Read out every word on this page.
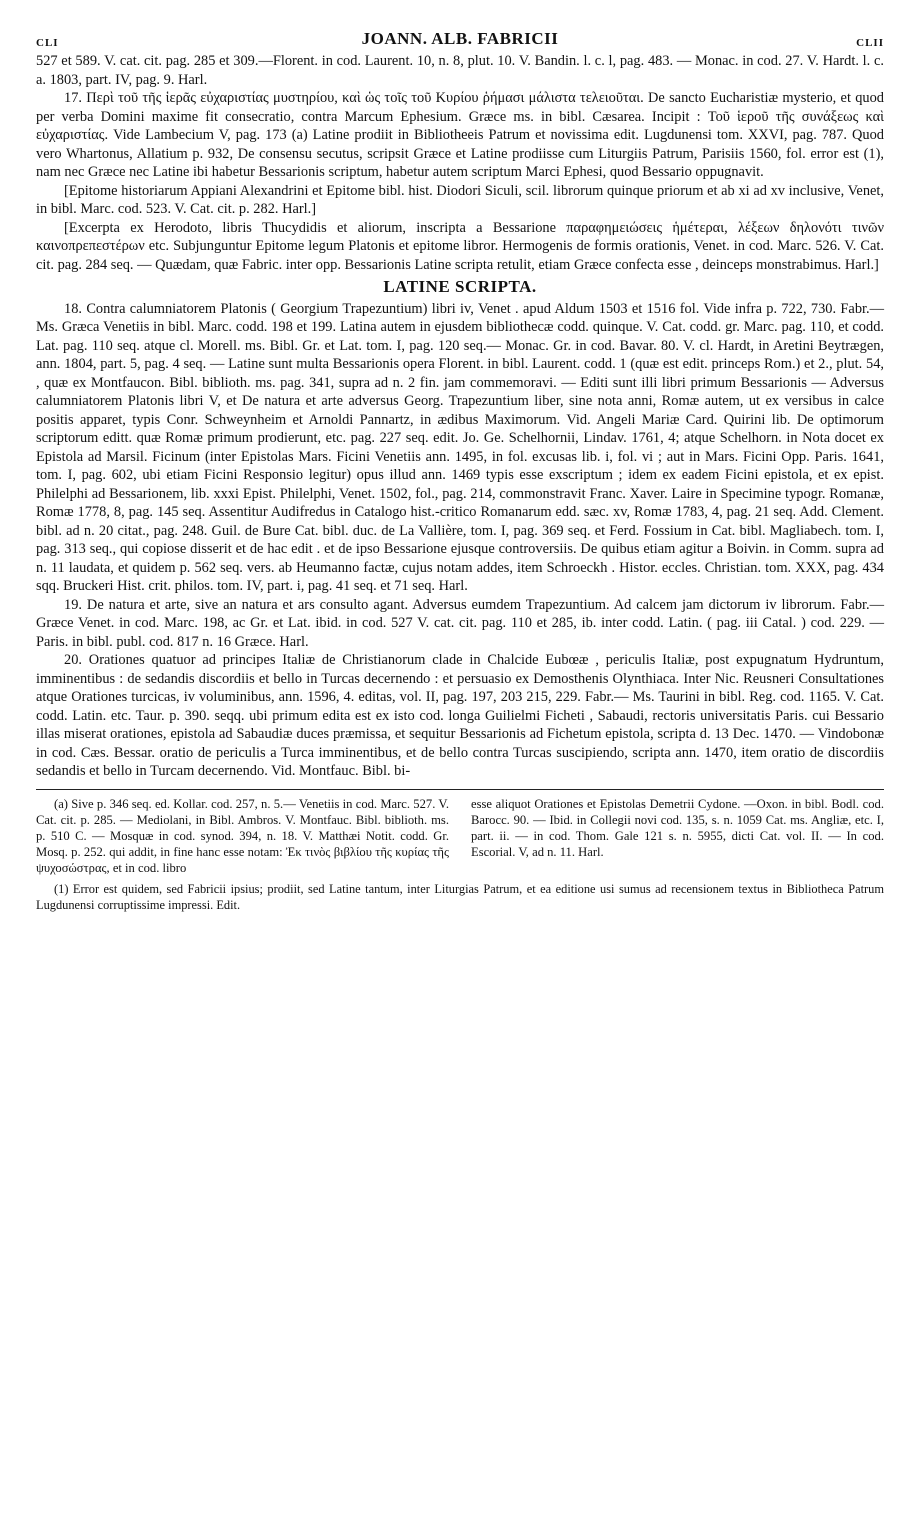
CLI	JOANN. ALB. FABRICII	CLII

527 et 589. V. cat. cit. pag. 285 et 309.—Florent. in cod. Laurent. 10, n. 8, plut. 10. V. Bandin. l. c. l, pag. 483. — Monac. in cod. 27. V. Hardt. l. c. a. 1803, part. IV, pag. 9. Harl.

17. Περὶ τοῦ τῆς ἱερᾶς εὐχαριστίας μυστηρίου, καὶ ὡς τοῖς τοῦ Κυρίου ῥήμασι μάλιστα τελειοῦται. De sancto Eucharistiæ mysterio, et quod per verba Domini maxime fit consecratio, contra Marcum Ephesium. Græce ms. in bibl. Cæsarea. Incipit : Τοῦ ἱεροῦ τῆς συνάξεως καὶ εὐχαριστίας. Vide Lambecium V, pag. 173 (a) Latine prodiit in Bibliotheeis Patrum et novissima edit. Lugdunensi tom. XXVI, pag. 787. Quod vero Whartonus, Allatium p. 932, De consensu secutus, scripsit Græce et Latine prodiisse cum Liturgiis Patrum, Parisiis 1560, fol. error est (1), nam nec Græce nec Latine ibi habetur Bessarionis scriptum, habetur autem scriptum Marci Ephesi, quod Bessario oppugnavit.

[Epitome historiarum Appiani Alexandrini et Epitome bibl. hist. Diodori Siculi, scil. librorum quinque priorum et ab xi ad xv inclusive, Venet, in bibl. Marc. cod. 523. V. Cat. cit. p. 282. Harl.]

[Excerpta ex Herodoto, libris Thucydidis et aliorum, inscripta a Bessarione παραφημειώσεις ἡμέτεραι, λέξεων δηλονότι τινῶν καινοπρεπεστέρων etc. Subjunguntur Epitome legum Platonis et epitome libror. Hermogenis de formis orationis, Venet. in cod. Marc. 526. V. Cat. cit. pag. 284 seq. — Quædam, quæ Fabric. inter opp. Bessarionis Latine scripta retulit, etiam Græce confecta esse , deinceps monstrabimus. Harl.]

LATINE SCRIPTA.

18. Contra calumniatorem Platonis ( Georgium Trapezuntium) libri iv, Venet . apud Aldum 1503 et 1516 fol. Vide infra p. 722, 730. Fabr.— Ms. Græca Venetiis in bibl. Marc. codd. 198 et 199. Latina autem in ejusdem bibliothecæ codd. quinque. V. Cat. codd. gr. Marc. pag. 110, et codd. Lat. pag. 110 seq. atque cl. Morell. ms. Bibl. Gr. et Lat. tom. I, pag. 120 seq.— Monac. Gr. in cod. Bavar. 80. V. cl. Hardt, in Aretini Beytrægen, ann. 1804, part. 5, pag. 4 seq. — Latine sunt multa Bessarionis opera Florent. in bibl. Laurent. codd. 1 (quæ est edit. princeps Rom.) et 2., plut. 54, , quæ ex Montfaucon. Bibl. biblioth. ms. pag. 341, supra ad n. 2 fin. jam commemoravi. — Editi sunt illi libri primum Bessarionis — Adversus calumniatorem Platonis libri V, et De natura et arte adversus Georg. Trapezuntium liber, sine nota anni, Romæ autem, ut ex versibus in calce positis apparet, typis Conr. Schweynheim et Arnoldi Pannartz, in ædibus Maximorum. Vid. Angeli Mariæ Card. Quirini lib. De optimorum scriptorum editt. quæ Romæ primum prodierunt, etc. pag. 227 seq. edit. Jo. Ge. Schelhornii, Lindav. 1761, 4; atque Schelhorn. in Nota docet ex Epistola ad Marsil. Ficinum (inter Epistolas Mars. Ficini Venetiis ann. 1495, in fol. excusas lib. i, fol. vi ; aut in Mars. Ficini Opp. Paris. 1641, tom. I, pag. 602, ubi etiam Ficini Responsio legitur) opus illud ann. 1469 typis esse exscriptum ; idem ex eadem Ficini epistola, et ex epist. Philelphi ad Bessarionem, lib. xxxi Epist. Philelphi, Venet. 1502, fol., pag. 214, commonstravit Franc. Xaver. Laire in Specimine typogr. Romanæ, Romæ 1778, 8, pag. 145 seq. Assentitur Audifredus in Catalogo hist.-critico Romanarum edd. sæc. xv, Romæ 1783, 4, pag. 21 seq. Add. Clement. bibl. ad n. 20 citat., pag. 248. Guil. de Bure Cat. bibl. duc. de La Vallière, tom. I, pag. 369 seq. et Ferd. Fossium in Cat. bibl. Magliabech. tom. I, pag. 313 seq., qui copiose disserit et de hac edit . et de ipso Bessarione ejusque controversiis. De quibus etiam agitur a Boivin. in Comm. supra ad n. 11 laudata, et quidem p. 562 seq. vers. ab Heumanno factæ, cujus notam addes, item Schroeckh . Histor. eccles. Christian. tom. XXX, pag. 434 sqq. Bruckeri Hist. crit. philos. tom. IV, part. i, pag. 41 seq. et 71 seq. Harl.

19. De natura et arte, sive an natura et ars consulto agant. Adversus eumdem Trapezuntium. Ad calcem jam dictorum iv librorum. Fabr.— Græce Venet. in cod. Marc. 198, ac Gr. et Lat. ibid. in cod. 527 V. cat. cit. pag. 110 et 285, ib. inter codd. Latin. ( pag. iii Catal. ) cod. 229. — Paris. in bibl. publ. cod. 817 n. 16 Græce. Harl.

20. Orationes quatuor ad principes Italiæ de Christianorum clade in Chalcide Eubœæ , periculis Italiæ, post expugnatum Hydruntum, imminentibus : de sedandis discordiis et bello in Turcas decernendo : et persuasio ex Demosthenis Olynthiaca. Inter Nic. Reusneri Consultationes atque Orationes turcicas, iv voluminibus, ann. 1596, 4. editas, vol. II, pag. 197, 203 215, 229. Fabr.— Ms. Taurini in bibl. Reg. cod. 1165. V. Cat. codd. Latin. etc. Taur. p. 390. seqq. ubi primum edita est ex isto cod. longa Guilielmi Ficheti , Sabaudi, rectoris universitatis Paris. cui Bessario illas miserat orationes, epistola ad Sabaudiæ duces præmissa, et sequitur Bessarionis ad Fichetum epistola, scripta d. 13 Dec. 1470. — Vindobonæ in cod. Cæs. Bessar. oratio de periculis a Turca imminentibus, et de bello contra Turcas suscipiendo, scripta ann. 1470, item oratio de discordiis sedandis et bello in Turcam decernendo. Vid. Montfauc. Bibl. bi-

(a) Sive p. 346 seq. ed. Kollar. cod. 257, n. 5.— Venetiis in cod. Marc. 527. V. Cat. cit. p. 285. — Mediolani, in Bibl. Ambros. V. Montfauc. Bibl. biblioth. ms. p. 510 C. — Mosquæ in cod. synod. 394, n. 18. V. Matthæi Notit. codd. Gr. Mosq. p. 252. qui addit, in fine hanc esse notam: Ἐκ τινὸς βιβλίου τῆς κυρίας τῆς ψυχοσώστρας, et in cod. libro

esse aliquot Orationes et Epistolas Demetrii Cydone. —Oxon. in bibl. Bodl. cod. Barocc. 90. — Ibid. in Collegii novi cod. 135, s. n. 1059 Cat. ms. Angliæ, etc. I, part. ii. — in cod. Thom. Gale 121 s. n. 5955, dicti Cat. vol. II. — In cod. Escorial. V, ad n. 11. Harl.

(1) Error est quidem, sed Fabricii ipsius; prodiit, sed Latine tantum, inter Liturgias Patrum, et ea editione usi sumus ad recensionem textus in Bibliotheca Patrum Lugdunensi corruptissime impressi. Edit.
